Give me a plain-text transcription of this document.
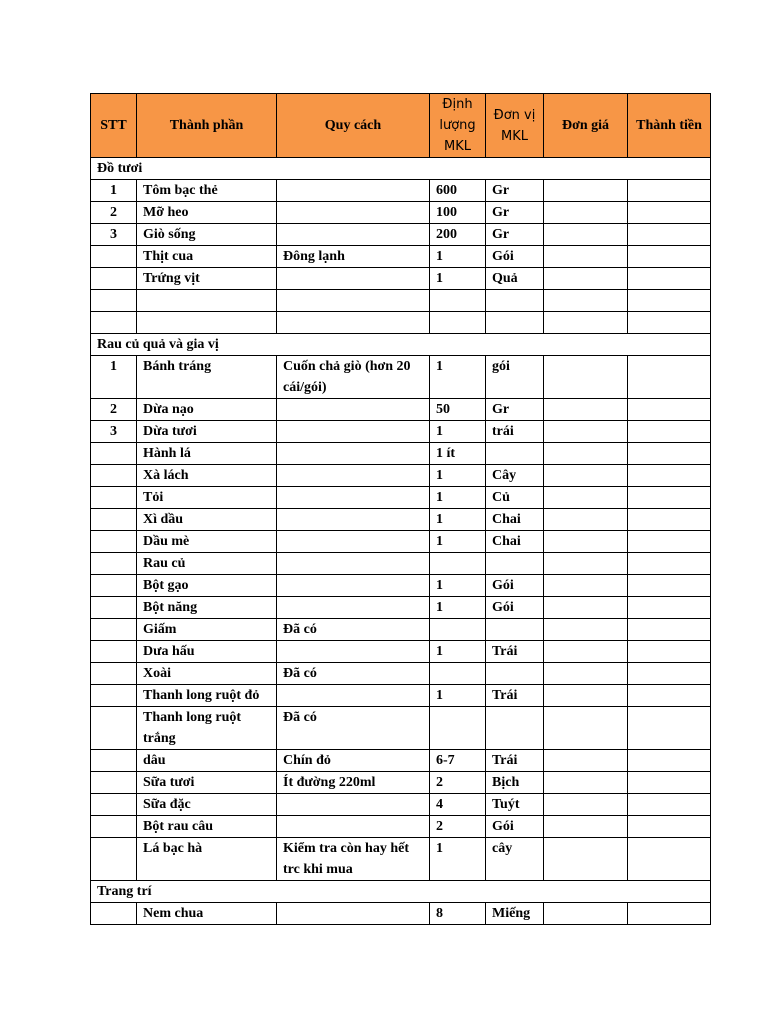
STT	Thành phần	Quy cách	Định lượng MKL	Đơn vị MKL	Đơn giá	Thành tiền
Đồ tươi						
1	Tôm bạc thẻ		600	Gr		
2	Mỡ heo		100	Gr		
3	Giò sống		200	Gr		
	Thịt cua	Đông lạnh	1	Gói		
	Trứng vịt		1	Quả		

Rau củ quả và gia vị						
1	Bánh tráng	Cuốn chả giò (hơn 20 cái/gói)	1	gói		
2	Dừa nạo		50	Gr		
3	Dừa tươi		1	trái		
	Hành lá		1 ít			
	Xà lách		1	Cây		
	Tỏi		1	Củ		
	Xì dầu		1	Chai		
	Dầu mè		1	Chai		
	Rau củ					
	Bột gạo		1	Gói		
	Bột năng		1	Gói		
	Giấm	Đã có				
	Dưa hấu		1	Trái		
	Xoài	Đã có				
	Thanh long ruột đỏ		1	Trái		
	Thanh long ruột trắng	Đã có				
	dâu	Chín đỏ	6-7	Trái		
	Sữa tươi	Ít đường 220ml	2	Bịch		
	Sữa đặc		4	Tuýt		
	Bột rau câu		2	Gói		
	Lá bạc hà	Kiểm tra còn hay hết trc khi mua	1	cây		
Trang trí						
	Nem chua		8	Miếng		
